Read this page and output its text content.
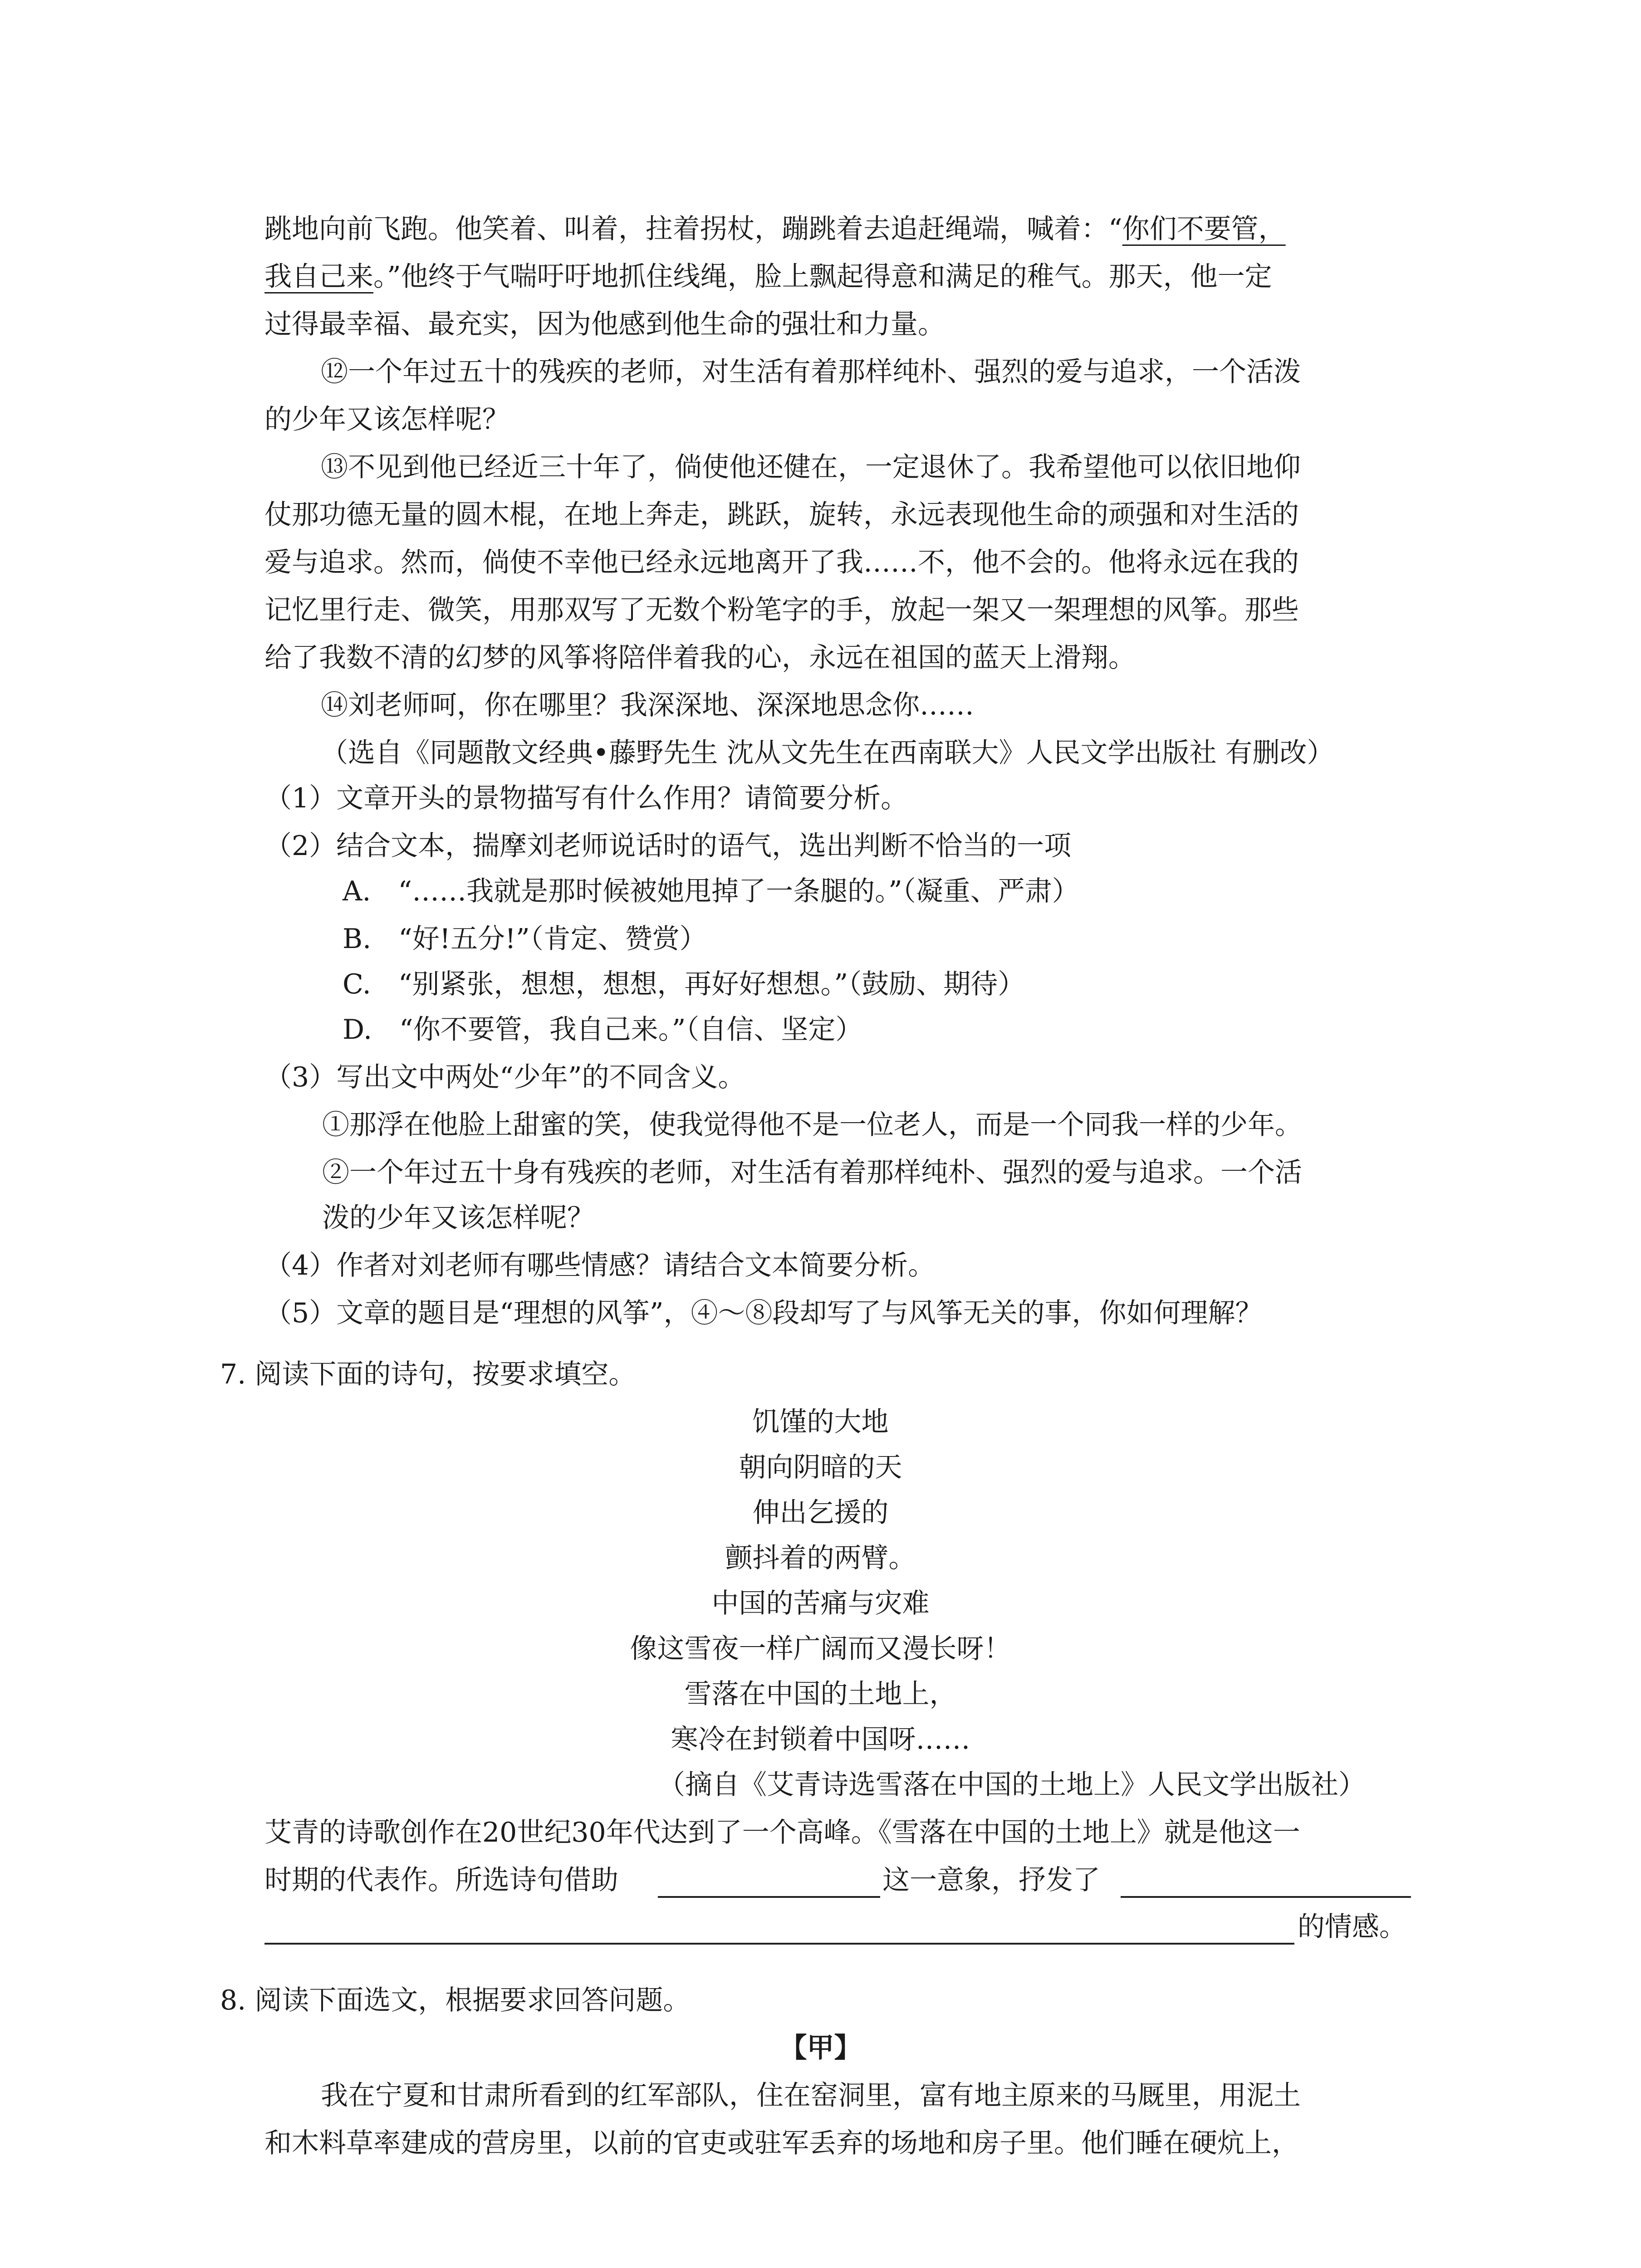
跳地向前飞跑。他笑着、叫着，拄着拐杖，蹦跳着去追赶绳端，喊着：“你们不要管，

我自己来。”他终于气喘吁吁地抓住线绳，脸上飘起得意和满足的稚气。那天，他一定

过得最幸福、最充实，因为他感到他生命的强壮和力量。

⑫一个年过五十的残疾的老师，对生活有着那样纯朴、强烈的爱与追求，一个活泼

的少年又该怎样呢？

⑬不见到他已经近三十年了，倘使他还健在，一定退休了。我希望他可以依旧地仰

仗那功德无量的圆木棍，在地上奔走，跳跃，旋转，永远表现他生命的顽强和对生活的

爱与追求。然而，倘使不幸他已经永远地离开了我……不，他不会的。他将永远在我的

记忆里行走、微笑，用那双写了无数个粉笔字的手，放起一架又一架理想的风筝。那些

给了我数不清的幻梦的风筝将陪伴着我的心，永远在祖国的蓝天上滑翔。

⑭刘老师呵，你在哪里？我深深地、深深地思念你……

（选自《同题散文经典•藤野先生 沈从文先生在西南联大》人民文学出版社 有删改）

（1）文章开头的景物描写有什么作用？请简要分析。

（2）结合文本，揣摩刘老师说话时的语气，选出判断不恰当的一项

A.　“……我就是那时候被她甩掉了一条腿的。”（凝重、严肃）

B.　“好!五分!”（肯定、赞赏）

C.　“别紧张，想想，想想，再好好想想。”（鼓励、期待）

D.　“你不要管，我自己来。”（自信、坚定）

（3）写出文中两处“少年”的不同含义。

①那浮在他脸上甜蜜的笑，使我觉得他不是一位老人，而是一个同我一样的少年。

②一个年过五十身有残疾的老师，对生活有着那样纯朴、强烈的爱与追求。一个活

泼的少年又该怎样呢？

（4）作者对刘老师有哪些情感？请结合文本简要分析。

（5）文章的题目是“理想的风筝”，④～⑧段却写了与风筝无关的事，你如何理解？

7. 阅读下面的诗句，按要求填空。

饥馑的大地

朝向阴暗的天

伸出乞援的

颤抖着的两臂。

中国的苦痛与灾难

像这雪夜一样广阔而又漫长呀！

雪落在中国的土地上，

寒冷在封锁着中国呀……

（摘自《艾青诗选雪落在中国的土地上》人民文学出版社）

艾青的诗歌创作在20世纪30年代达到了一个高峰。《雪落在中国的土地上》就是他这一

时期的代表作。所选诗句借助	这一意象，抒发了

的情感。

8. 阅读下面选文，根据要求回答问题。

【甲】

我在宁夏和甘肃所看到的红军部队，住在窑洞里，富有地主原来的马厩里，用泥土

和木料草率建成的营房里，以前的官吏或驻军丢弃的场地和房子里。他们睡在硬炕上，
